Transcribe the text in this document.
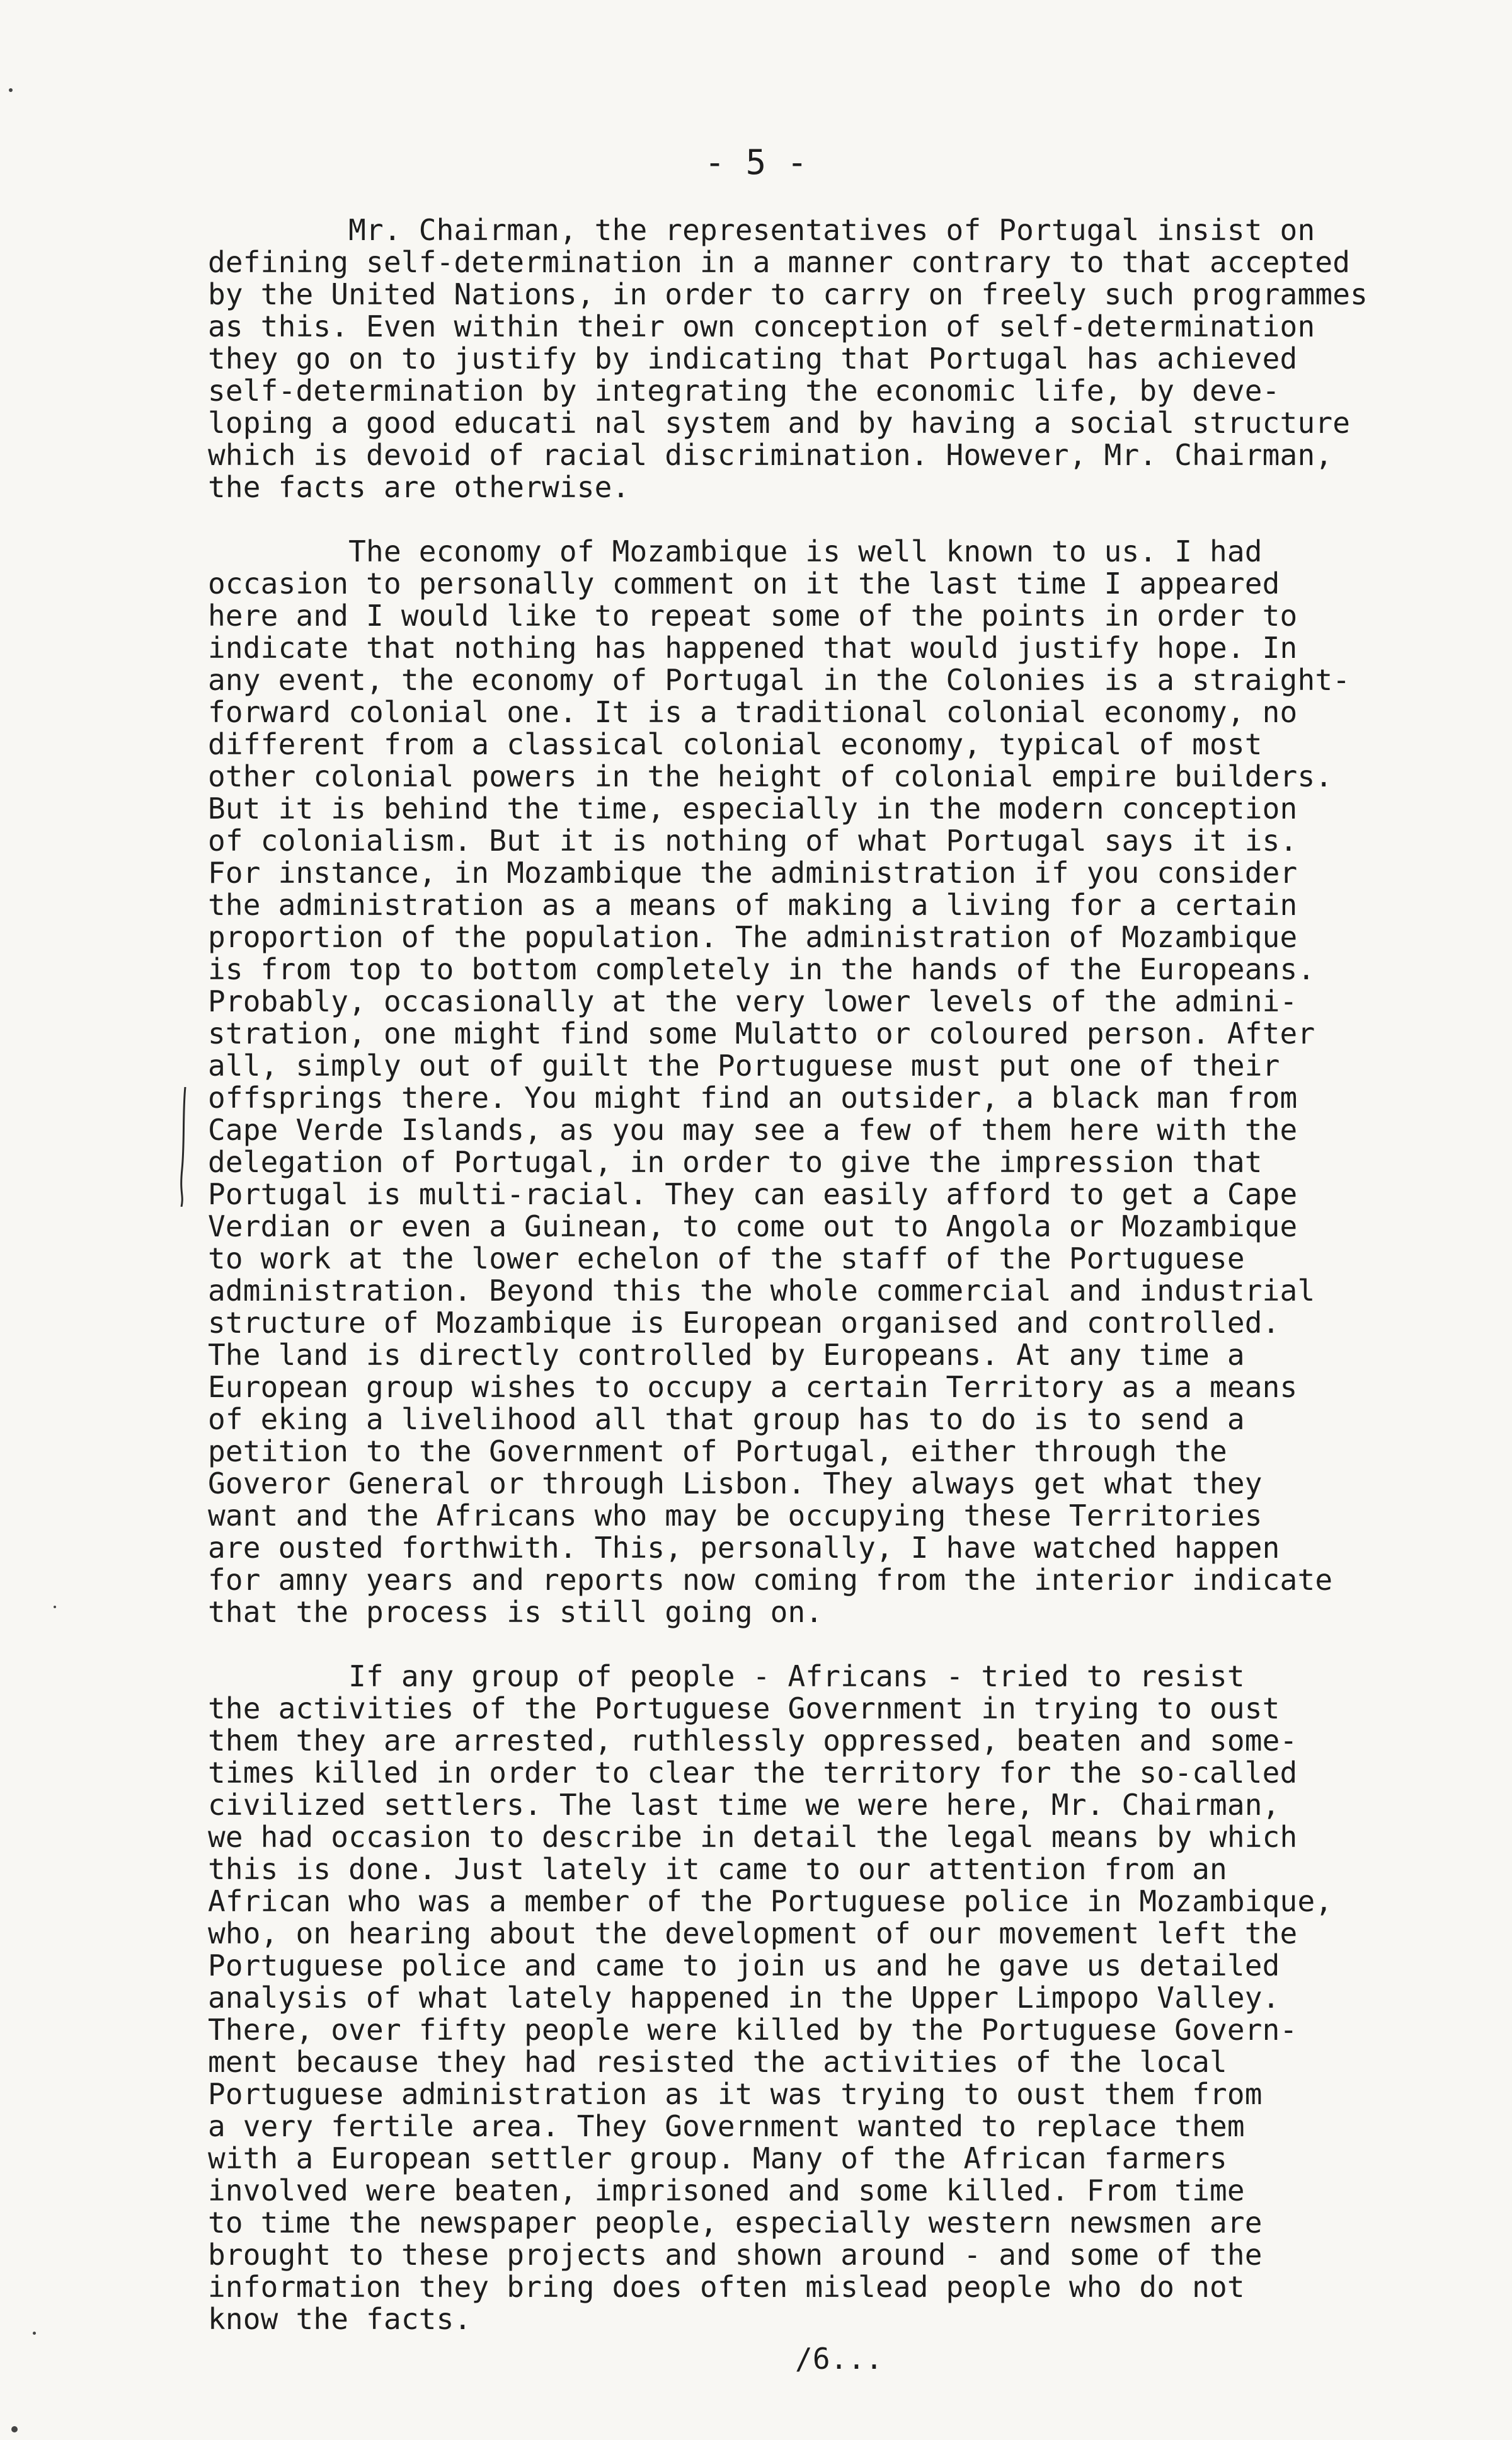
- 5 -

Mr. Chairman, the representatives of Portugal insist on
defining self-determination in a manner contrary to that accepted
by the United Nations, in order to carry on freely such programmes
as this. Even within their own conception of self-determination
they go on to justify by indicating that Portugal has achieved
self-determination by integrating the economic life, by deve-
loping a good educati nal system and by having a social structure
which is devoid of racial discrimination. However, Mr. Chairman,
the facts are otherwise.

The economy of Mozambique is well known to us. I had
occasion to personally comment on it the last time I appeared
here and I would like to repeat some of the points in order to
indicate that nothing has happened that would justify hope. In
any event, the economy of Portugal in the Colonies is a straight-
forward colonial one. It is a traditional colonial economy, no
different from a classical colonial economy, typical of most
other colonial powers in the height of colonial empire builders.
But it is behind the time, especially in the modern conception
of colonialism. But it is nothing of what Portugal says it is.
For instance, in Mozambique the administration if you consider
the administration as a means of making a living for a certain
proportion of the population. The administration of Mozambique
is from top to bottom completely in the hands of the Europeans.
Probably, occasionally at the very lower levels of the admini-
stration, one might find some Mulatto or coloured person. After
all, simply out of guilt the Portuguese must put one of their
offsprings there. You might find an outsider, a black man from
Cape Verde Islands, as you may see a few of them here with the
delegation of Portugal, in order to give the impression that
Portugal is multi-racial. They can easily afford to get a Cape
Verdian or even a Guinean, to come out to Angola or Mozambique
to work at the lower echelon of the staff of the Portuguese
administration. Beyond this the whole commercial and industrial
structure of Mozambique is European organised and controlled.
The land is directly controlled by Europeans. At any time a
European group wishes to occupy a certain Territory as a means
of eking a livelihood all that group has to do is to send a
petition to the Government of Portugal, either through the
Goveror General or through Lisbon. They always get what they
want and the Africans who may be occupying these Territories
are ousted forthwith. This, personally, I have watched happen
for amny years and reports now coming from the interior indicate
that the process is still going on.

If any group of people - Africans - tried to resist
the activities of the Portuguese Government in trying to oust
them they are arrested, ruthlessly oppressed, beaten and some-
times killed in order to clear the territory for the so-called
civilized settlers. The last time we were here, Mr. Chairman,
we had occasion to describe in detail the legal means by which
this is done. Just lately it came to our attention from an
African who was a member of the Portuguese police in Mozambique,
who, on hearing about the development of our movement left the
Portuguese police and came to join us and he gave us detailed
analysis of what lately happened in the Upper Limpopo Valley.
There, over fifty people were killed by the Portuguese Govern-
ment because they had resisted the activities of the local
Portuguese administration as it was trying to oust them from
a very fertile area. They Government wanted to replace them
with a European settler group. Many of the African farmers
involved were beaten, imprisoned and some killed. From time
to time the newspaper people, especially western newsmen are
brought to these projects and shown around - and some of the
information they bring does often mislead people who do not
know the facts.

/6...
